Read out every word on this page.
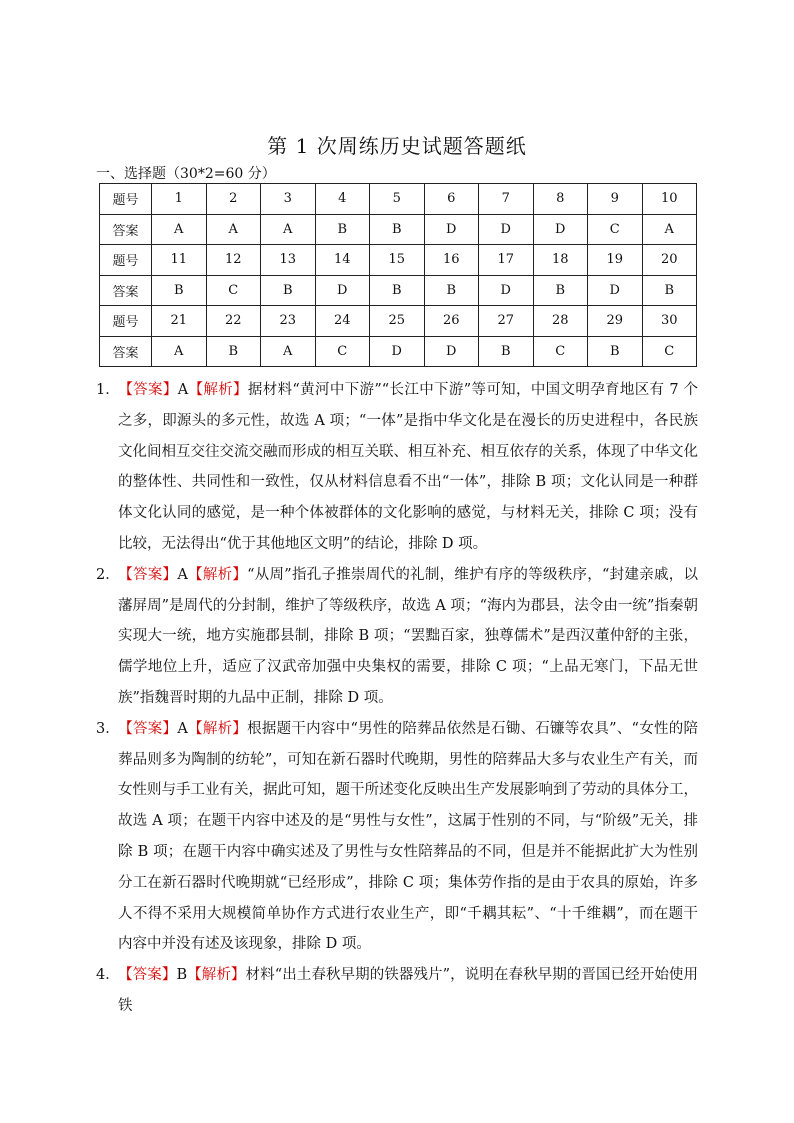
第 1 次周练历史试题答题纸
一、选择题（30*2=60 分）
题号	1	2	3	4	5	6	7	8	9	10
答案	A	A	A	B	B	D	D	D	C	A
题号	11	12	13	14	15	16	17	18	19	20
答案	B	C	B	D	B	B	D	B	D	B
题号	21	22	23	24	25	26	27	28	29	30
答案	A	B	A	C	D	D	B	C	B	C

1．【答案】A【解析】据材料“黄河中下游”“长江中下游”等可知，中国文明孕育地区有 7 个之多，即源头的多元性，故选 A 项；“一体”是指中华文化是在漫长的历史进程中，各民族文化间相互交往交流交融而形成的相互关联、相互补充、相互依存的关系，体现了中华文化的整体性、共同性和一致性，仅从材料信息看不出“一体”，排除 B 项；文化认同是一种群体文化认同的感觉，是一种个体被群体的文化影响的感觉，与材料无关，排除 C 项；没有比较，无法得出“优于其他地区文明”的结论，排除 D 项。

2．【答案】A【解析】“从周”指孔子推崇周代的礼制，维护有序的等级秩序，“封建亲戚，以藩屏周”是周代的分封制，维护了等级秩序，故选 A 项；“海内为郡县，法令由一统”指秦朝实现大一统，地方实施郡县制，排除 B 项；“罢黜百家，独尊儒术”是西汉董仲舒的主张，儒学地位上升，适应了汉武帝加强中央集权的需要，排除 C 项；“上品无寒门，下品无世族”指魏晋时期的九品中正制，排除 D 项。

3．【答案】A【解析】根据题干内容中“男性的陪葬品依然是石锄、石镰等农具”、“女性的陪葬品则多为陶制的纺轮”，可知在新石器时代晚期，男性的陪葬品大多与农业生产有关，而女性则与手工业有关，据此可知，题干所述变化反映出生产发展影响到了劳动的具体分工，故选 A 项；在题干内容中述及的是“男性与女性”，这属于性别的不同，与“阶级”无关，排除 B 项；在题干内容中确实述及了男性与女性陪葬品的不同，但是并不能据此扩大为性别分工在新石器时代晚期就“已经形成”，排除 C 项；集体劳作指的是由于农具的原始，许多人不得不采用大规模简单协作方式进行农业生产，即“千耦其耘”、“十千维耦”，而在题干内容中并没有述及该现象，排除 D 项。

4．【答案】B【解析】材料“出土春秋早期的铁器残片”，说明在春秋早期的晋国已经开始使用铁
